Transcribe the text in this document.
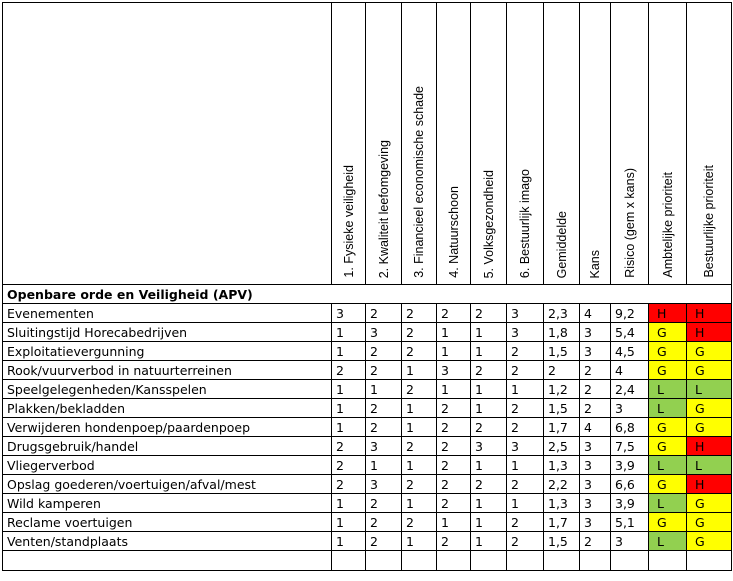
	1. Fysieke veiligheid	2. Kwaliteit leefomgeving	3. Financieel economische schade	4. Natuurschoon	5. Volksgezondheid	6. Bestuurlijk imago	Gemiddelde	Kans	Risico (gem x kans)	Ambtelijke prioriteit	Bestuurlijke prioriteit

Openbare orde en Veiligheid (APV)											
Evenementen	3	2	2	2	2	3	2,3	4	9,2	H	H
Sluitingstijd Horecabedrijven	1	3	2	1	1	3	1,8	3	5,4	G	H
Exploitatievergunning	1	2	2	1	1	2	1,5	3	4,5	G	G
Rook/vuurverbod in natuurterreinen	2	2	1	3	2	2	2	2	4	G	G
Speelgelegenheden/Kansspelen	1	1	2	1	1	1	1,2	2	2,4	L	L
Plakken/bekladden	1	2	1	2	1	2	1,5	2	3	L	G
Verwijderen hondenpoep/paardenpoep	1	2	1	2	2	2	1,7	4	6,8	G	G
Drugsgebruik/handel	2	3	2	2	3	3	2,5	3	7,5	G	H
Vliegerverbod	2	1	1	2	1	1	1,3	3	3,9	L	L
Opslag goederen/voertuigen/afval/mest	2	3	2	2	2	2	2,2	3	6,6	G	H
Wild kamperen	1	2	1	2	1	1	1,3	3	3,9	L	G
Reclame voertuigen	1	2	2	1	1	2	1,7	3	5,1	G	G
Venten/standplaats	1	2	1	2	1	2	1,5	2	3	L	G
